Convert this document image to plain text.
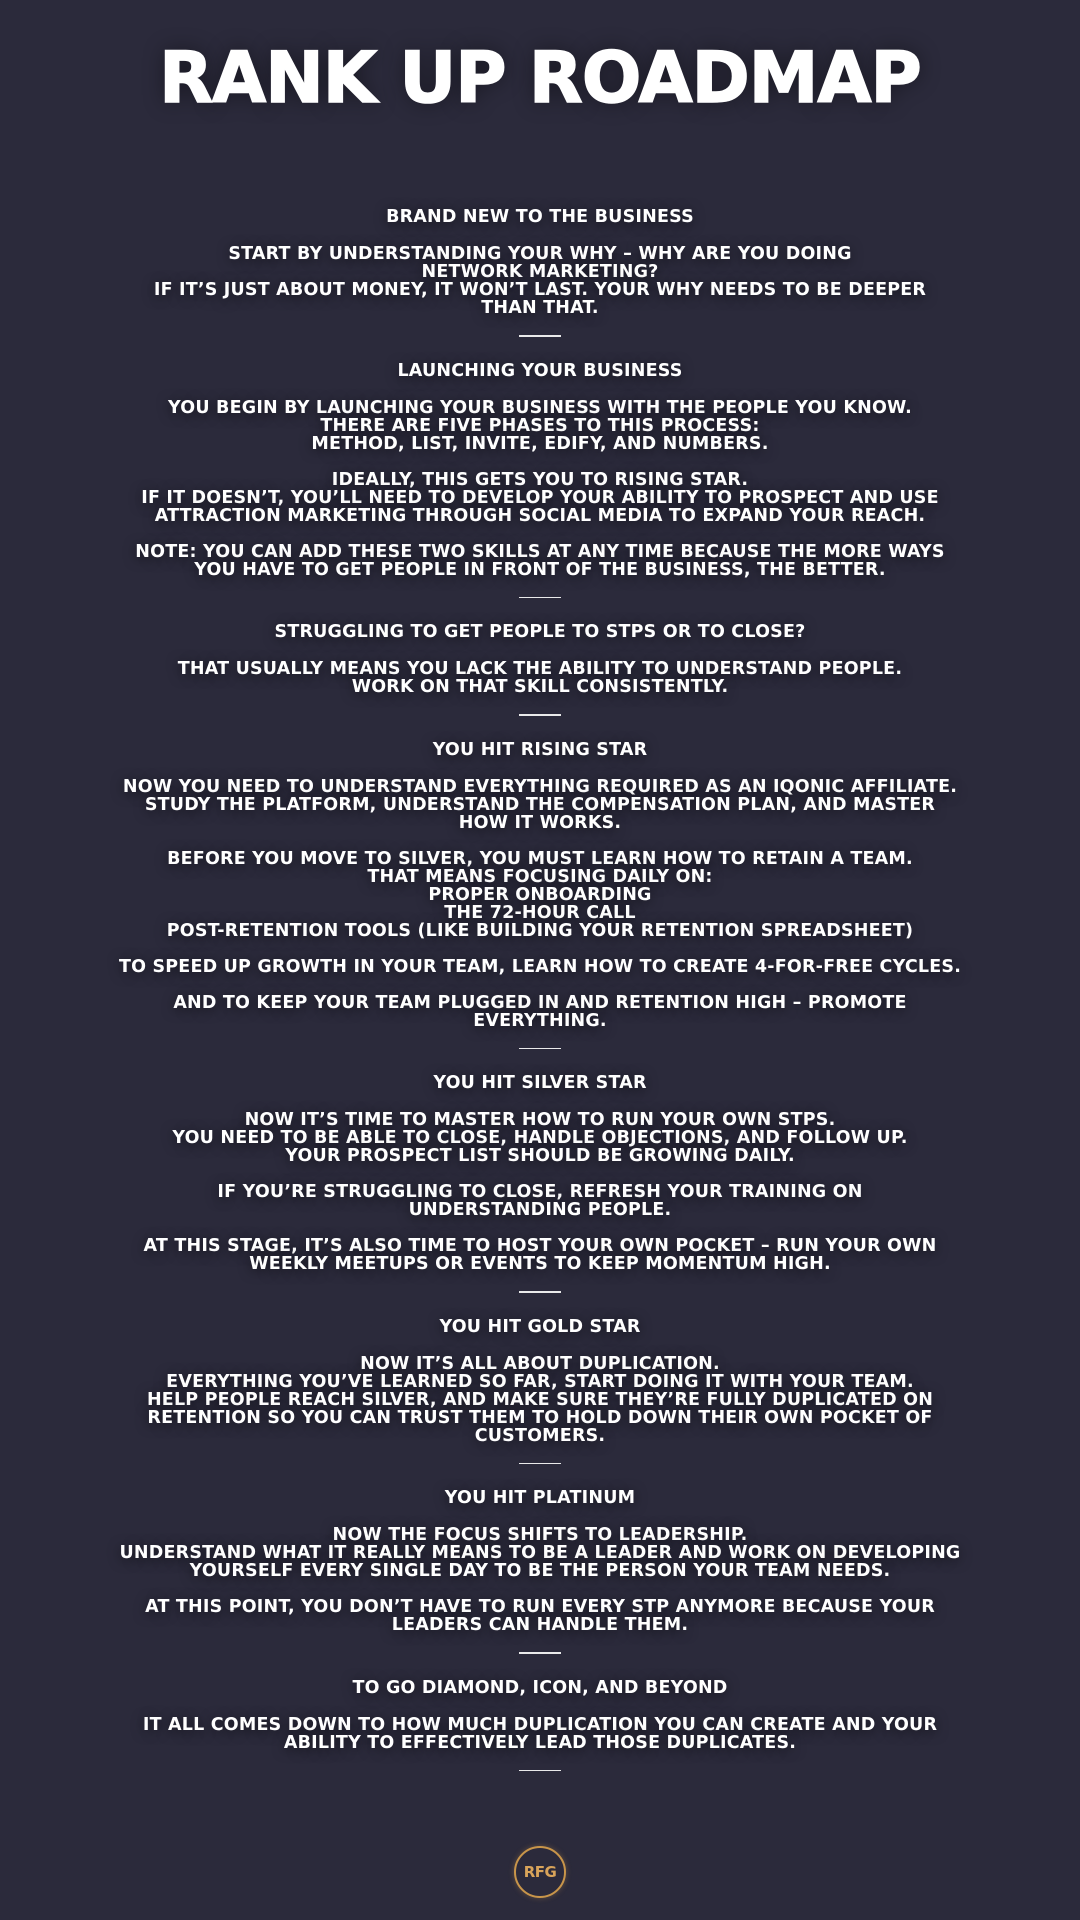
RANK UP ROADMAP
BRAND NEW TO THE BUSINESS
START BY UNDERSTANDING YOUR WHY – WHY ARE YOU DOING
NETWORK MARKETING?
IF IT’S JUST ABOUT MONEY, IT WON’T LAST. YOUR WHY NEEDS TO BE DEEPER
THAN THAT.
LAUNCHING YOUR BUSINESS
YOU BEGIN BY LAUNCHING YOUR BUSINESS WITH THE PEOPLE YOU KNOW.
THERE ARE FIVE PHASES TO THIS PROCESS:
METHOD, LIST, INVITE, EDIFY, AND NUMBERS.
IDEALLY, THIS GETS YOU TO RISING STAR.
IF IT DOESN’T, YOU’LL NEED TO DEVELOP YOUR ABILITY TO PROSPECT AND USE
ATTRACTION MARKETING THROUGH SOCIAL MEDIA TO EXPAND YOUR REACH.
NOTE: YOU CAN ADD THESE TWO SKILLS AT ANY TIME BECAUSE THE MORE WAYS
YOU HAVE TO GET PEOPLE IN FRONT OF THE BUSINESS, THE BETTER.
STRUGGLING TO GET PEOPLE TO STPS OR TO CLOSE?
THAT USUALLY MEANS YOU LACK THE ABILITY TO UNDERSTAND PEOPLE.
WORK ON THAT SKILL CONSISTENTLY.
YOU HIT RISING STAR
NOW YOU NEED TO UNDERSTAND EVERYTHING REQUIRED AS AN IQONIC AFFILIATE.
STUDY THE PLATFORM, UNDERSTAND THE COMPENSATION PLAN, AND MASTER
HOW IT WORKS.
BEFORE YOU MOVE TO SILVER, YOU MUST LEARN HOW TO RETAIN A TEAM.
THAT MEANS FOCUSING DAILY ON:
PROPER ONBOARDING
THE 72-HOUR CALL
POST-RETENTION TOOLS (LIKE BUILDING YOUR RETENTION SPREADSHEET)
TO SPEED UP GROWTH IN YOUR TEAM, LEARN HOW TO CREATE 4-FOR-FREE CYCLES.
AND TO KEEP YOUR TEAM PLUGGED IN AND RETENTION HIGH – PROMOTE
EVERYTHING.
YOU HIT SILVER STAR
NOW IT’S TIME TO MASTER HOW TO RUN YOUR OWN STPS.
YOU NEED TO BE ABLE TO CLOSE, HANDLE OBJECTIONS, AND FOLLOW UP.
YOUR PROSPECT LIST SHOULD BE GROWING DAILY.
IF YOU’RE STRUGGLING TO CLOSE, REFRESH YOUR TRAINING ON
UNDERSTANDING PEOPLE.
AT THIS STAGE, IT’S ALSO TIME TO HOST YOUR OWN POCKET – RUN YOUR OWN
WEEKLY MEETUPS OR EVENTS TO KEEP MOMENTUM HIGH.
YOU HIT GOLD STAR
NOW IT’S ALL ABOUT DUPLICATION.
EVERYTHING YOU’VE LEARNED SO FAR, START DOING IT WITH YOUR TEAM.
HELP PEOPLE REACH SILVER, AND MAKE SURE THEY’RE FULLY DUPLICATED ON
RETENTION SO YOU CAN TRUST THEM TO HOLD DOWN THEIR OWN POCKET OF
CUSTOMERS.
YOU HIT PLATINUM
NOW THE FOCUS SHIFTS TO LEADERSHIP.
UNDERSTAND WHAT IT REALLY MEANS TO BE A LEADER AND WORK ON DEVELOPING
YOURSELF EVERY SINGLE DAY TO BE THE PERSON YOUR TEAM NEEDS.
AT THIS POINT, YOU DON’T HAVE TO RUN EVERY STP ANYMORE BECAUSE YOUR
LEADERS CAN HANDLE THEM.
TO GO DIAMOND, ICON, AND BEYOND
IT ALL COMES DOWN TO HOW MUCH DUPLICATION YOU CAN CREATE AND YOUR
ABILITY TO EFFECTIVELY LEAD THOSE DUPLICATES.
RFG
